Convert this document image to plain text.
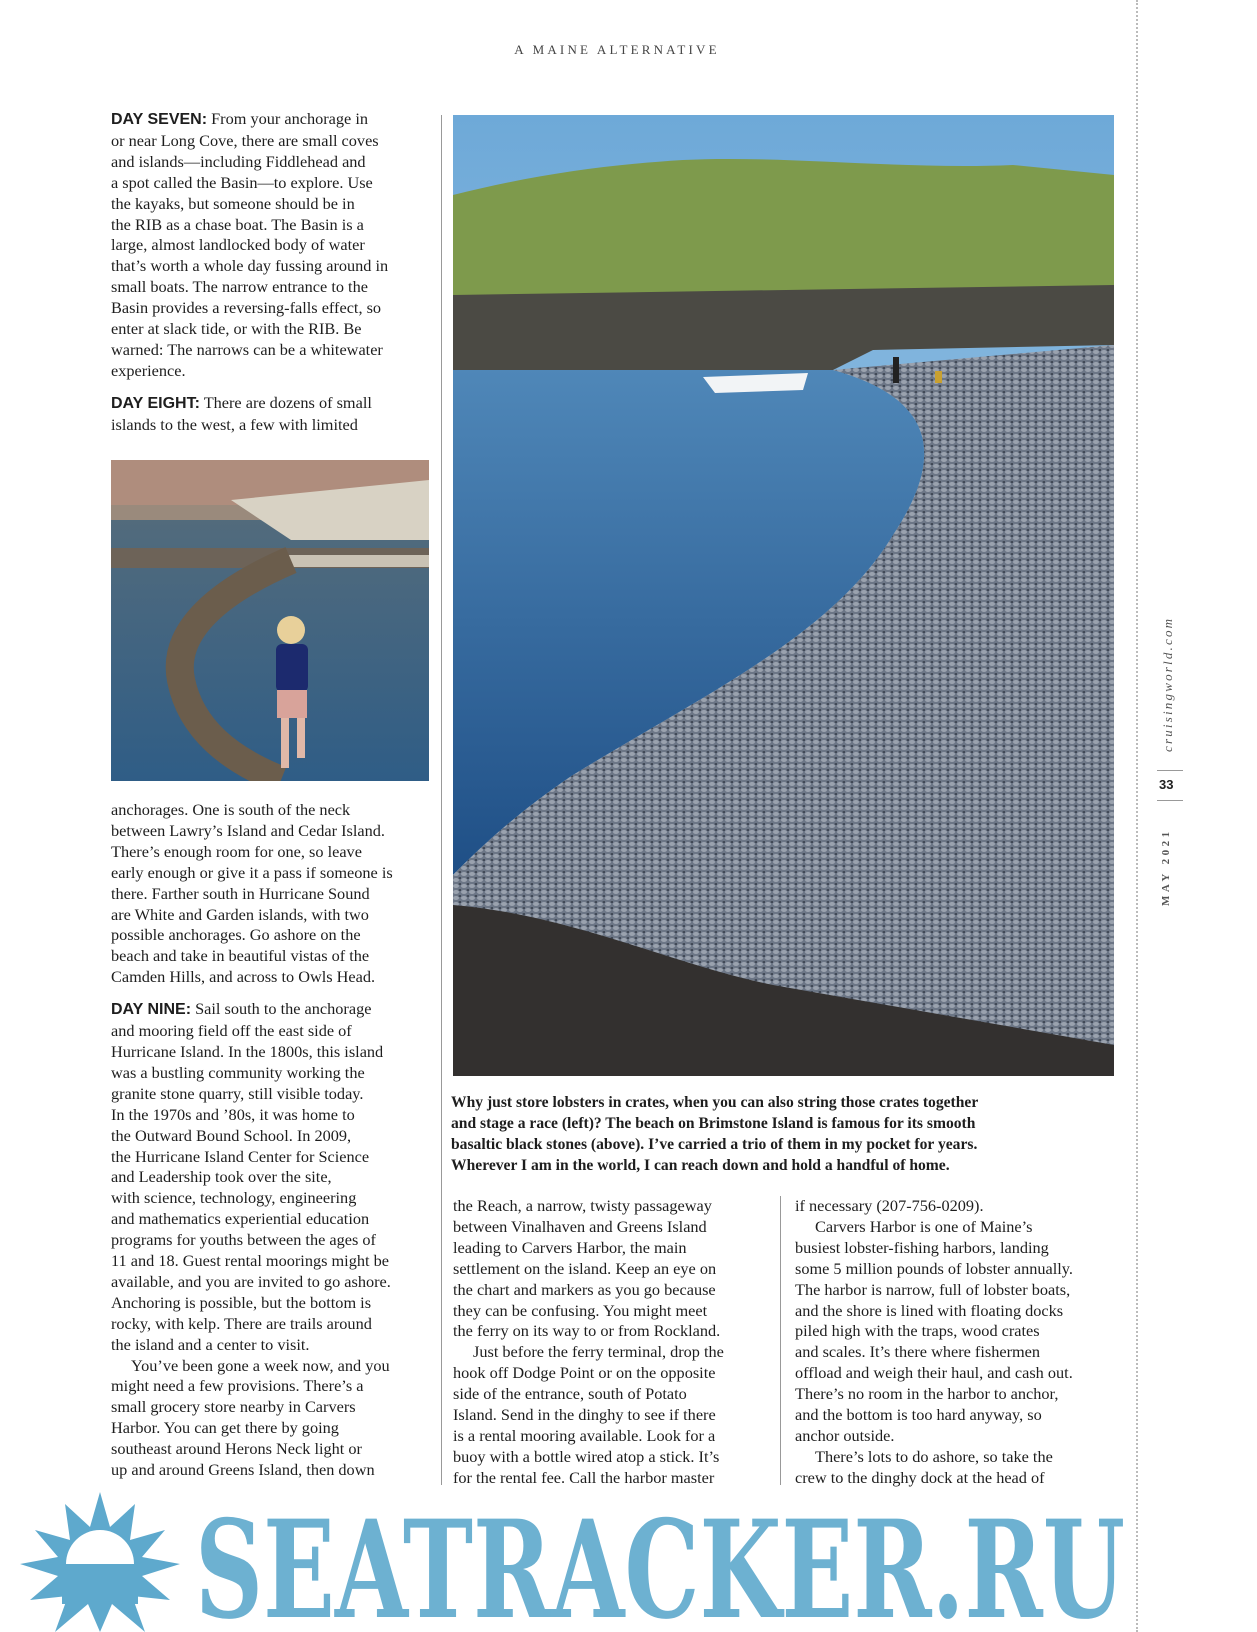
A MAINE ALTERNATIVE
DAY SEVEN: From your anchorage in
or near Long Cove, there are small coves
and islands—including Fiddlehead and
a spot called the Basin—to explore. Use
the kayaks, but someone should be in
the RIB as a chase boat. The Basin is a
large, almost landlocked body of water
that’s worth a whole day fussing around in
small boats. The narrow entrance to the
Basin provides a reversing-falls effect, so
enter at slack tide, or with the RIB. Be
warned: The narrows can be a whitewater
experience.
DAY EIGHT: There are dozens of small
islands to the west, a few with limited
anchorages. One is south of the neck
between Lawry’s Island and Cedar Island.
There’s enough room for one, so leave
early enough or give it a pass if someone is
there. Farther south in Hurricane Sound
are White and Garden islands, with two
possible anchorages. Go ashore on the
beach and take in beautiful vistas of the
Camden Hills, and across to Owls Head.
DAY NINE: Sail south to the anchorage
and mooring field off the east side of
Hurricane Island. In the 1800s, this island
was a bustling community working the
granite stone quarry, still visible today.
In the 1970s and ’80s, it was home to
the Outward Bound School. In 2009,
the Hurricane Island Center for Science
and Leadership took over the site,
with science, technology, engineering
and mathematics experiential education
programs for youths between the ages of
11 and 18. Guest rental moorings might be
available, and you are invited to go ashore.
Anchoring is possible, but the bottom is
rocky, with kelp. There are trails around
the island and a center to visit.
You’ve been gone a week now, and you
might need a few provisions. There’s a
small grocery store nearby in Carvers
Harbor. You can get there by going
southeast around Herons Neck light or
up and around Greens Island, then down
Why just store lobsters in crates, when you can also string those crates together
and stage a race (left)? The beach on Brimstone Island is famous for its smooth
basaltic black stones (above). I’ve carried a trio of them in my pocket for years.
Wherever I am in the world, I can reach down and hold a handful of home.
the Reach, a narrow, twisty passageway
between Vinalhaven and Greens Island
leading to Carvers Harbor, the main
settlement on the island. Keep an eye on
the chart and markers as you go because
they can be confusing. You might meet
the ferry on its way to or from Rockland.
Just before the ferry terminal, drop the
hook off Dodge Point or on the opposite
side of the entrance, south of Potato
Island. Send in the dinghy to see if there
is a rental mooring available. Look for a
buoy with a bottle wired atop a stick. It’s
for the rental fee. Call the harbor master
if necessary (207-756-0209).
Carvers Harbor is one of Maine’s
busiest lobster-fishing harbors, landing
some 5 million pounds of lobster annually.
The harbor is narrow, full of lobster boats,
and the shore is lined with floating docks
piled high with the traps, wood crates
and scales. It’s there where fishermen
offload and weigh their haul, and cash out.
There’s no room in the harbor to anchor,
and the bottom is too hard anyway, so
anchor outside.
There’s lots to do ashore, so take the
crew to the dinghy dock at the head of
cruisingworld.com
33
MAY 2021
SEATRACKER.RU
